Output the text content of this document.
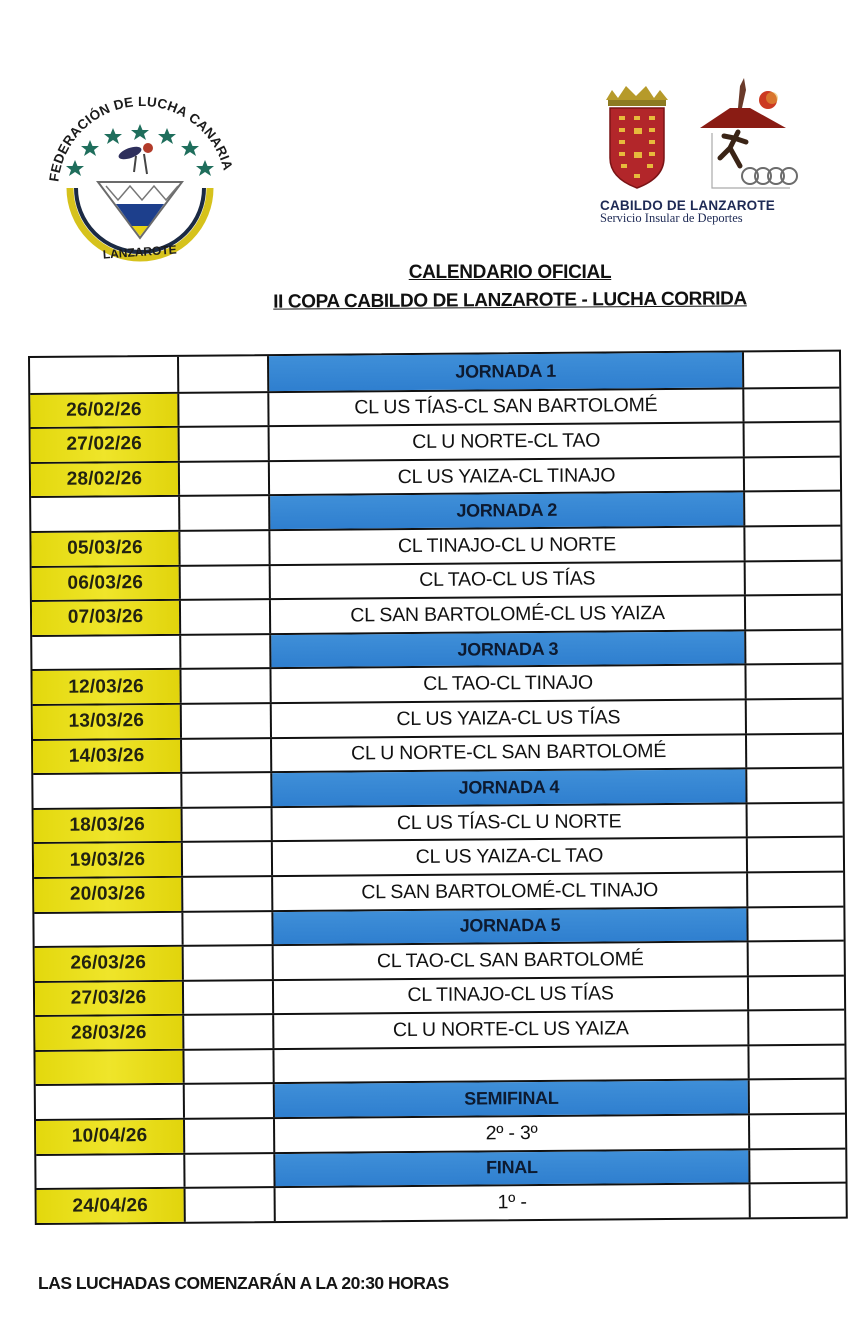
FEDERACIÓN DE LUCHA CANARIA
LANZAROTE
CABILDO DE LANZAROTE
Servicio Insular de Deportes
CALENDARIO OFICIAL
II COPA CABILDO DE LANZAROTE - LUCHA CORRIDA
JORNADA 1
26/02/26	CL US TÍAS-CL SAN BARTOLOMÉ
27/02/26	CL U NORTE-CL TAO
28/02/26	CL US YAIZA-CL TINAJO
JORNADA 2
05/03/26	CL TINAJO-CL U NORTE
06/03/26	CL TAO-CL US TÍAS
07/03/26	CL SAN BARTOLOMÉ-CL US YAIZA
JORNADA 3
12/03/26	CL TAO-CL TINAJO
13/03/26	CL US YAIZA-CL US TÍAS
14/03/26	CL U NORTE-CL SAN BARTOLOMÉ
JORNADA 4
18/03/26	CL US TÍAS-CL U NORTE
19/03/26	CL US YAIZA-CL TAO
20/03/26	CL SAN BARTOLOMÉ-CL TINAJO
JORNADA 5
26/03/26	CL TAO-CL SAN BARTOLOMÉ
27/03/26	CL TINAJO-CL US TÍAS
28/03/26	CL U NORTE-CL US YAIZA
SEMIFINAL
10/04/26	2º - 3º
FINAL
24/04/26	1º -
LAS LUCHADAS COMENZARÁN A LA 20:30 HORAS
